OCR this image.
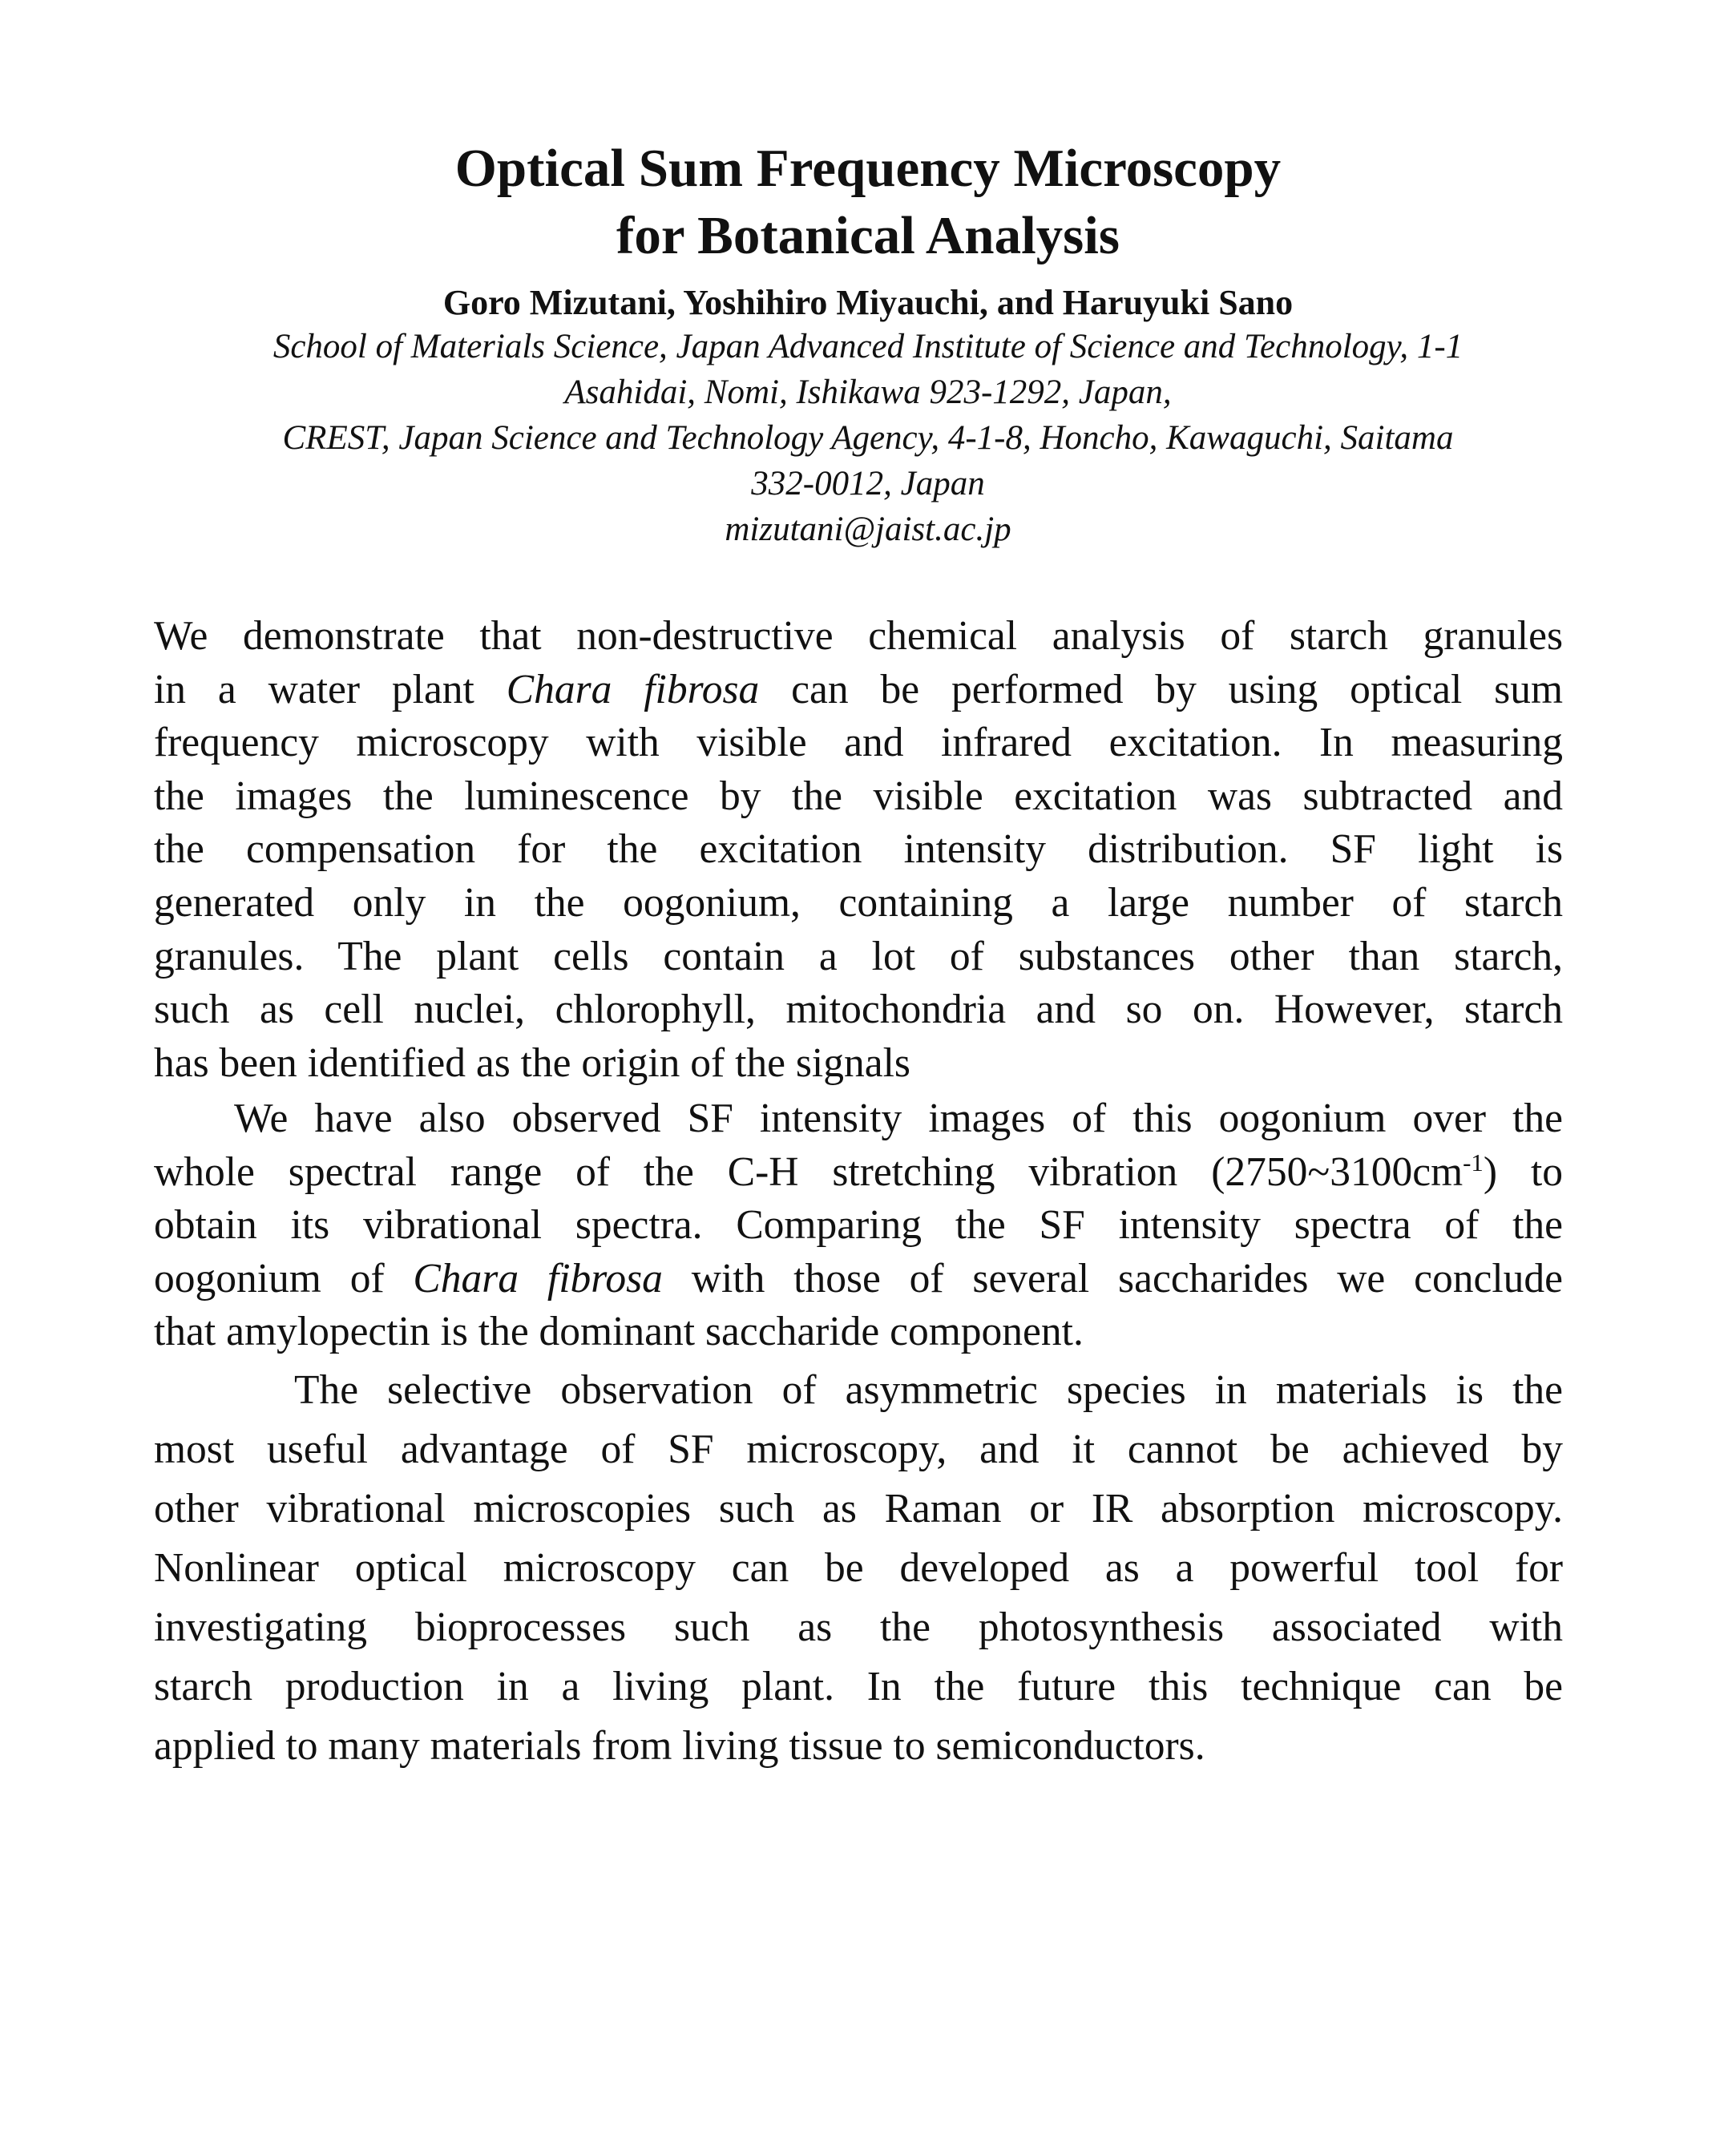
Optical Sum Frequency Microscopy
for Botanical Analysis

Goro Mizutani, Yoshihiro Miyauchi, and Haruyuki Sano

School of Materials Science, Japan Advanced Institute of Science and Technology, 1-1
Asahidai, Nomi, Ishikawa 923-1292, Japan,
CREST, Japan Science and Technology Agency, 4-1-8, Honcho, Kawaguchi, Saitama
332-0012, Japan
mizutani@jaist.ac.jp

We demonstrate that non-destructive chemical analysis of starch granules
in a water plant Chara fibrosa can be performed by using optical sum
frequency microscopy with visible and infrared excitation. In measuring
the images the luminescence by the visible excitation was subtracted and
the compensation for the excitation intensity distribution. SF light is
generated only in the oogonium, containing a large number of starch
granules. The plant cells contain a lot of substances other than starch,
such as cell nuclei, chlorophyll, mitochondria and so on. However, starch
has been identified as the origin of the signals
We have also observed SF intensity images of this oogonium over the
whole spectral range of the C-H stretching vibration $(2750\sim 3100cm^{-1})$ to
obtain its vibrational spectra. Comparing the SF intensity spectra of the
oogonium of Chara fibrosa with those of several saccharides we conclude
that amylopectin is the dominant saccharide component.
The selective observation of asymmetric species in materials is the
most useful advantage of SF microscopy, and it cannot be achieved by
other vibrational microscopies such as Raman or IR absorption microscopy.
Nonlinear optical microscopy can be developed as a powerful tool for
investigating bioprocesses such as the photosynthesis associated with
starch production in a living plant. In the future this technique can be
applied to many materials from living tissue to semiconductors.
